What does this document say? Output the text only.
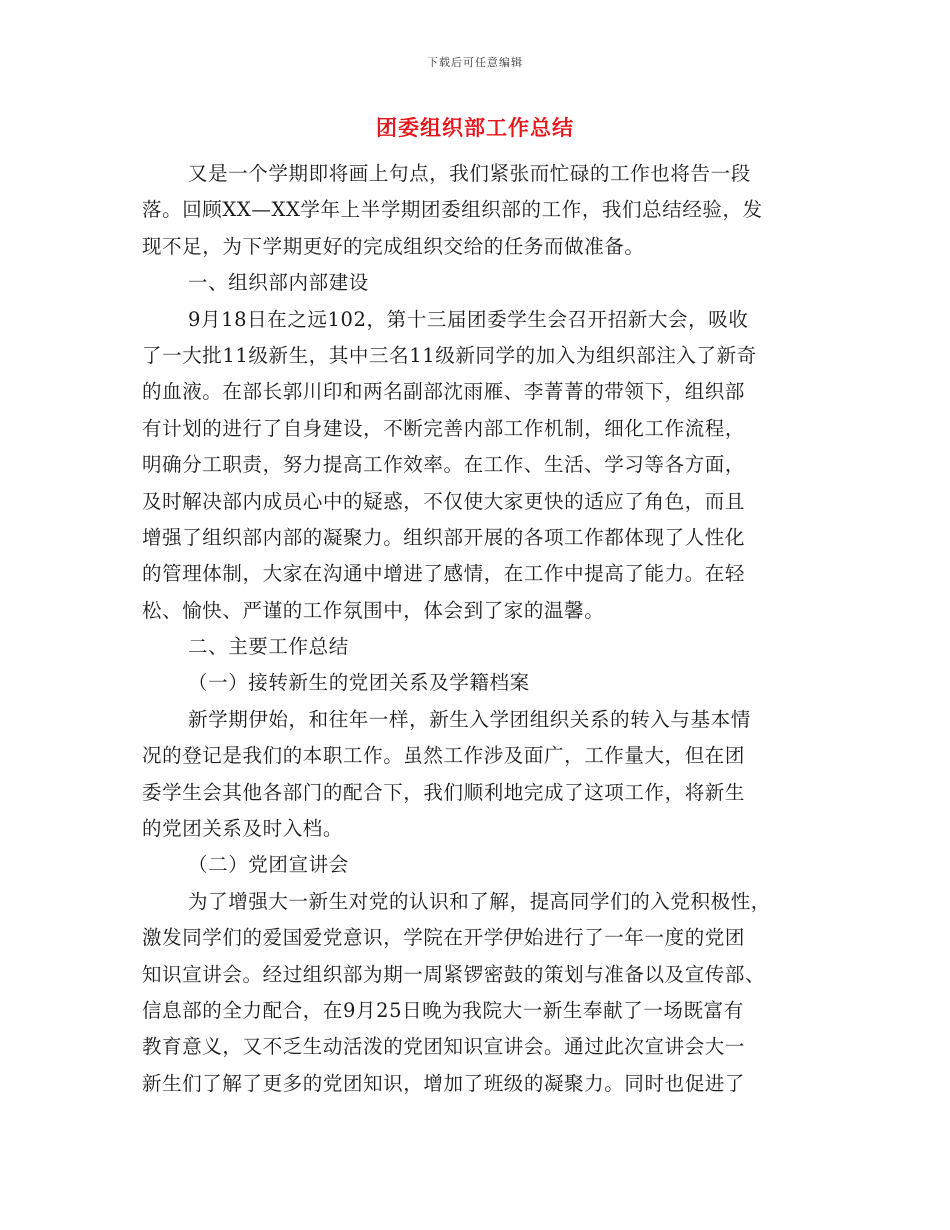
下载后可任意编辑
团委组织部工作总结
又是一个学期即将画上句点，我们紧张而忙碌的工作也将告一段
落。回顾XX—XX学年上半学期团委组织部的工作，我们总结经验，发
现不足，为下学期更好的完成组织交给的任务而做准备。
一、组织部内部建设
9月18日在之远102，第十三届团委学生会召开招新大会，吸收
了一大批11级新生，其中三名11级新同学的加入为组织部注入了新奇
的血液。在部长郭川印和两名副部沈雨雁、李菁菁的带领下，组织部
有计划的进行了自身建设，不断完善内部工作机制，细化工作流程，
明确分工职责，努力提高工作效率。在工作、生活、学习等各方面，
及时解决部内成员心中的疑惑，不仅使大家更快的适应了角色，而且
增强了组织部内部的凝聚力。组织部开展的各项工作都体现了人性化
的管理体制，大家在沟通中增进了感情，在工作中提高了能力。在轻
松、愉快、严谨的工作氛围中，体会到了家的温馨。
二、主要工作总结
（一）接转新生的党团关系及学籍档案
新学期伊始，和往年一样，新生入学团组织关系的转入与基本情
况的登记是我们的本职工作。虽然工作涉及面广，工作量大，但在团
委学生会其他各部门的配合下，我们顺利地完成了这项工作，将新生
的党团关系及时入档。
（二）党团宣讲会
为了增强大一新生对党的认识和了解，提高同学们的入党积极性，
激发同学们的爱国爱党意识，学院在开学伊始进行了一年一度的党团
知识宣讲会。经过组织部为期一周紧锣密鼓的策划与准备以及宣传部、
信息部的全力配合，在9月25日晚为我院大一新生奉献了一场既富有
教育意义，又不乏生动活泼的党团知识宣讲会。通过此次宣讲会大一
新生们了解了更多的党团知识，增加了班级的凝聚力。同时也促进了
